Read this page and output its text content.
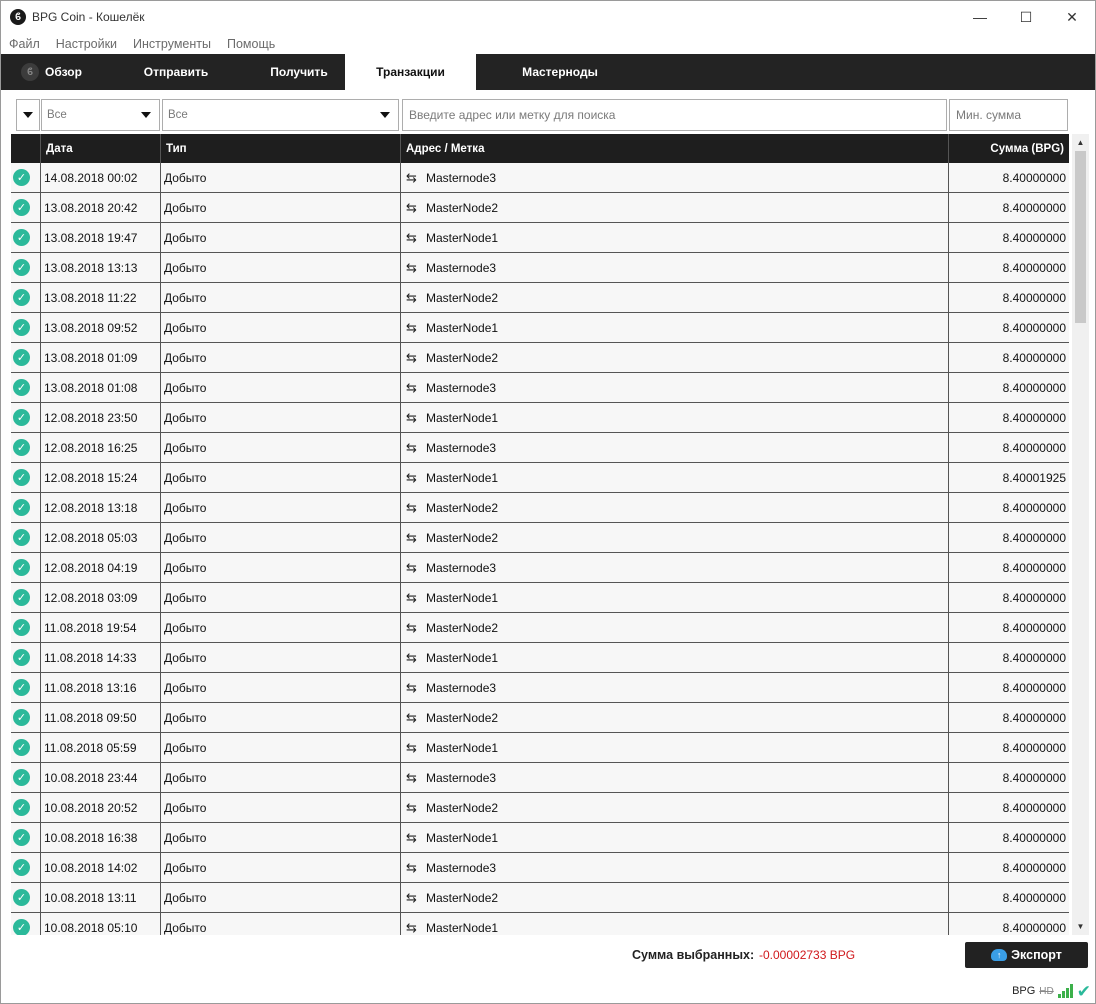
ϐ BPG Coin - Кошелёк	—	☐	✕
Файл Настройки Инструменты Помощь
ϐ Обзор	Отправить	Получить	Транзакции	Мастерноды
Все	Все
Введите адрес или метку для поиска
Мин. сумма
Дата	Тип	Адрес / Метка	Сумма (BPG)
✓	14.08.2018 00:02	Добыто	⇆ Masternode3	8.40000000
✓	13.08.2018 20:42	Добыто	⇆ MasterNode2	8.40000000
✓	13.08.2018 19:47	Добыто	⇆ MasterNode1	8.40000000
✓	13.08.2018 13:13	Добыто	⇆ Masternode3	8.40000000
✓	13.08.2018 11:22	Добыто	⇆ MasterNode2	8.40000000
✓	13.08.2018 09:52	Добыто	⇆ MasterNode1	8.40000000
✓	13.08.2018 01:09	Добыто	⇆ MasterNode2	8.40000000
✓	13.08.2018 01:08	Добыто	⇆ Masternode3	8.40000000
✓	12.08.2018 23:50	Добыто	⇆ MasterNode1	8.40000000
✓	12.08.2018 16:25	Добыто	⇆ Masternode3	8.40000000
✓	12.08.2018 15:24	Добыто	⇆ MasterNode1	8.40001925
✓	12.08.2018 13:18	Добыто	⇆ MasterNode2	8.40000000
✓	12.08.2018 05:03	Добыто	⇆ MasterNode2	8.40000000
✓	12.08.2018 04:19	Добыто	⇆ Masternode3	8.40000000
✓	12.08.2018 03:09	Добыто	⇆ MasterNode1	8.40000000
✓	11.08.2018 19:54	Добыто	⇆ MasterNode2	8.40000000
✓	11.08.2018 14:33	Добыто	⇆ MasterNode1	8.40000000
✓	11.08.2018 13:16	Добыто	⇆ Masternode3	8.40000000
✓	11.08.2018 09:50	Добыто	⇆ MasterNode2	8.40000000
✓	11.08.2018 05:59	Добыто	⇆ MasterNode1	8.40000000
✓	10.08.2018 23:44	Добыто	⇆ Masternode3	8.40000000
✓	10.08.2018 20:52	Добыто	⇆ MasterNode2	8.40000000
✓	10.08.2018 16:38	Добыто	⇆ MasterNode1	8.40000000
✓	10.08.2018 14:02	Добыто	⇆ Masternode3	8.40000000
✓	10.08.2018 13:11	Добыто	⇆ MasterNode2	8.40000000
✓	10.08.2018 05:10	Добыто	⇆ MasterNode1	8.40000000
▲
▼
Сумма выбранных: -0.00002733 BPG	↑ Экспорт
BPG HD ✔
